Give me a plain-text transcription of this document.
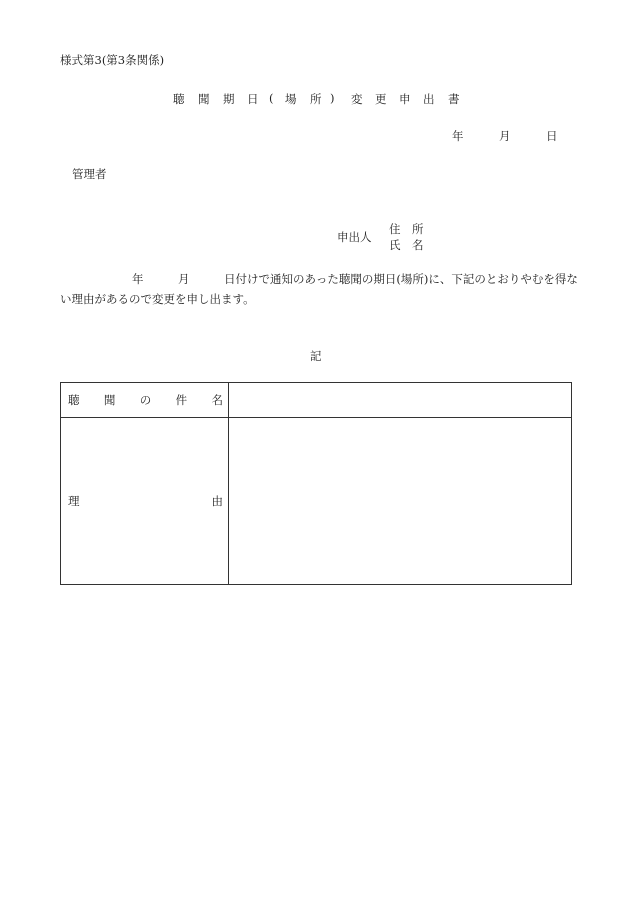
様式第3(第3条関係)
聴 聞 期 日 ( 場 所 ) 変 更 申 出 書
年	月	日
管理者
申出人
住　所
氏　名
年　　　月　　　日付けで通知のあった聴聞の期日(場所)に、下記のとおりやむを得な
い理由があるので変更を申し出ます。
記
聴 聞 の 件 名	

理 由	
